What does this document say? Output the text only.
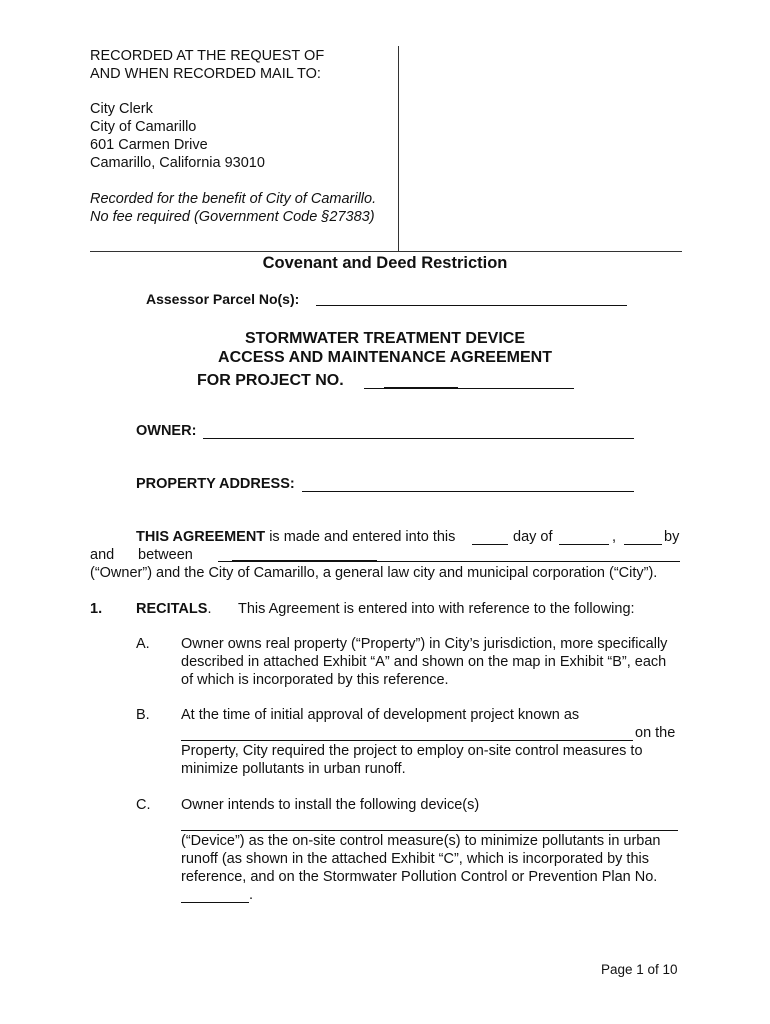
RECORDED AT THE REQUEST OF
AND WHEN RECORDED MAIL TO:
City Clerk
City of Camarillo
601 Carmen Drive
Camarillo, California 93010
Recorded for the benefit of City of Camarillo.
No fee required (Government Code §27383)
Covenant and Deed Restriction
Assessor Parcel No(s):
STORMWATER TREATMENT DEVICE
ACCESS AND MAINTENANCE AGREEMENT
FOR PROJECT NO.
OWNER:
PROPERTY ADDRESS:
THIS AGREEMENT is made and entered into this	day of	,	by
and between
(“Owner”) and the City of Camarillo, a general law city and municipal corporation (“City”).
1. RECITALS. This Agreement is entered into with reference to the following:
A. Owner owns real property (“Property”) in City’s jurisdiction, more specifically
described in attached Exhibit “A” and shown on the map in Exhibit “B”, each
of which is incorporated by this reference.
B. At the time of initial approval of development project known as
on the
Property, City required the project to employ on-site control measures to
minimize pollutants in urban runoff.
C. Owner intends to install the following device(s)
(“Device”) as the on-site control measure(s) to minimize pollutants in urban
runoff (as shown in the attached Exhibit “C”, which is incorporated by this
reference, and on the Stormwater Pollution Control or Prevention Plan No.
.
Page 1 of 10
